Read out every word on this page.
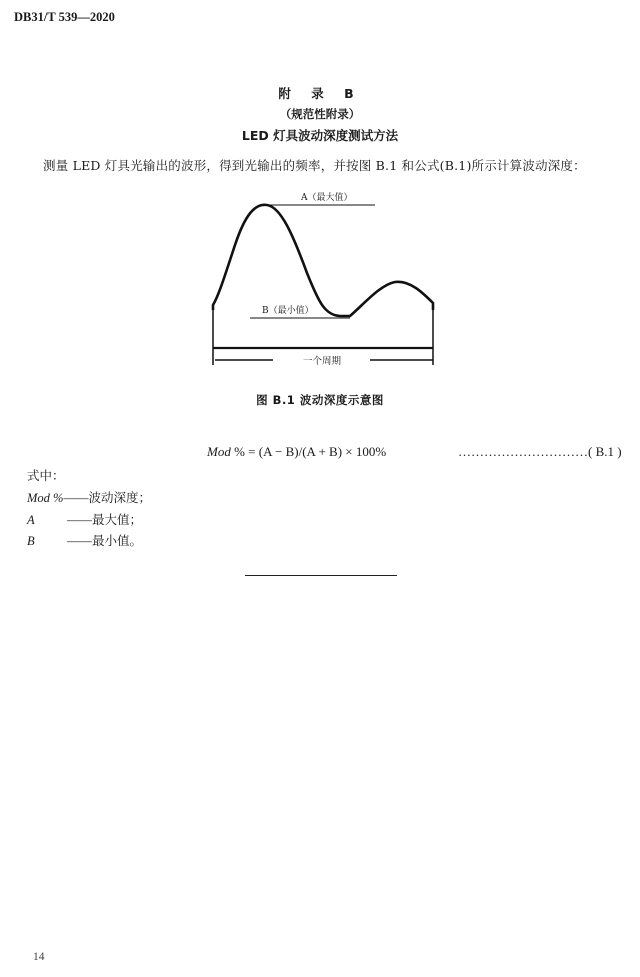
DB31/T 539—2020
附 录 B
（规范性附录）
LED 灯具波动深度测试方法
测量 LED 灯具光输出的波形，得到光输出的频率，并按图 B.1 和公式(B.1)所示计算波动深度：
A（最大值）
B（最小值）
一个周期
图 B.1 波动深度示意图
Mod % = (A − B)/(A + B) × 100%	…………………………( B.1 )
式中：
Mod %——波动深度；
A	——最大值；
B	——最小值。
14
